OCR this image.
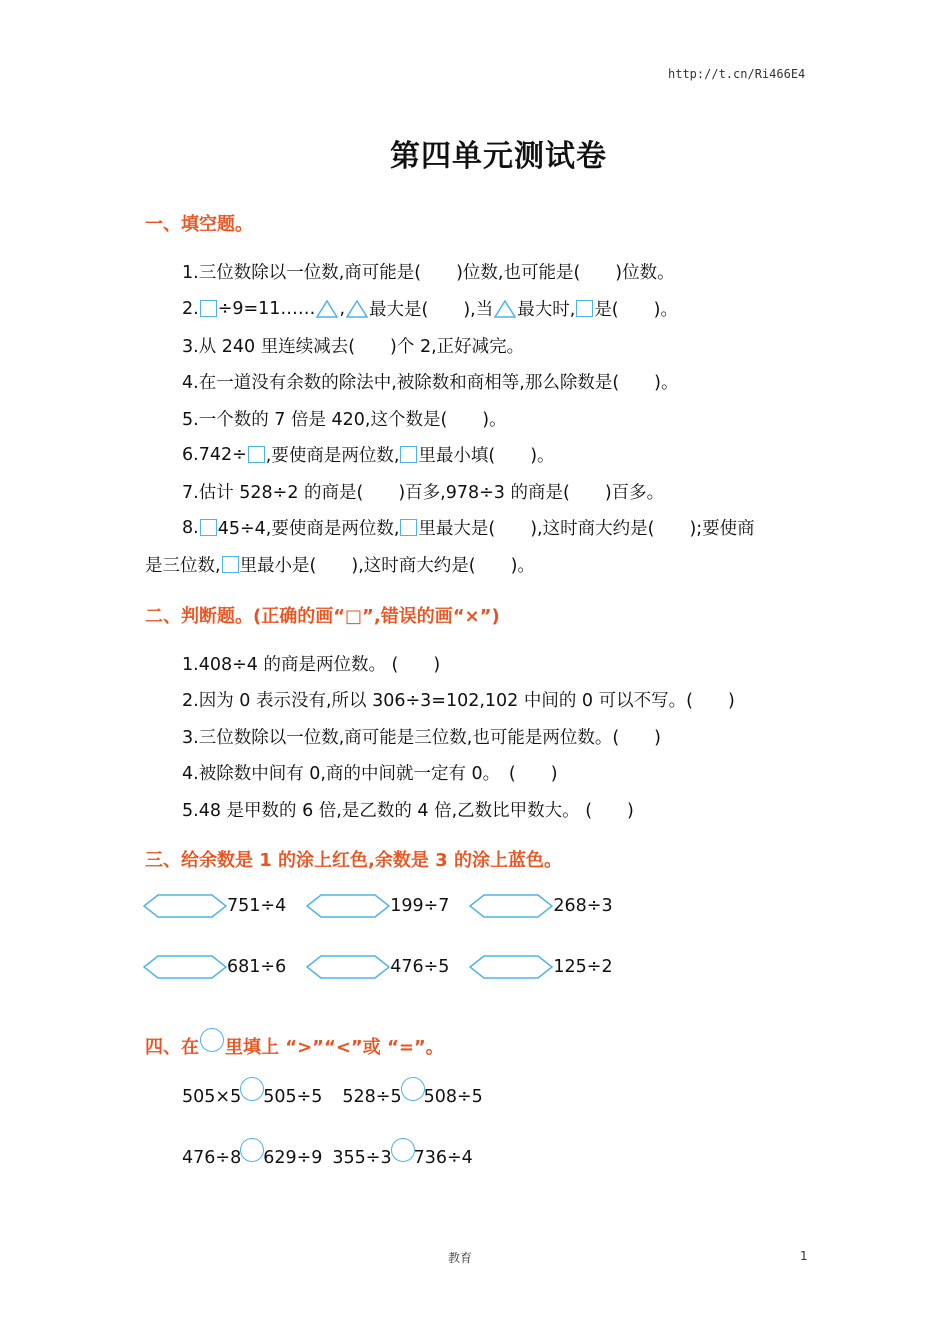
http://t.cn/Ri466E4
第四单元测试卷
一、填空题。
1.三位数除以一位数,商可能是(　　)位数,也可能是(　　)位数。
2. ÷9=11…… , 最大是(　　),当 最大时, 是(　　)。
3.从 240 里连续减去(　　)个 2,正好减完。
4.在一道没有余数的除法中,被除数和商相等,那么除数是(　　)。
5.一个数的 7 倍是 420,这个数是(　　)。
6.742÷ ,要使商是两位数, 里最小填(　　)。
7.估计 528÷2 的商是(　　)百多,978÷3 的商是(　　)百多。
8. 45÷4,要使商是两位数, 里最大是(　　),这时商大约是(　　);要使商
是三位数, 里最小是(　　),这时商大约是(　　)。
二、判断题。(正确的画“□”,错误的画“×”)
1.408÷4 的商是两位数。 (　　)
2.因为 0 表示没有,所以 306÷3=102,102 中间的 0 可以不写。(　　)
3.三位数除以一位数,商可能是三位数,也可能是两位数。(　　)
4.被除数中间有 0,商的中间就一定有 0。　(　　)
5.48 是甲数的 6 倍,是乙数的 4 倍,乙数比甲数大。 (　　)
三、给余数是 1 的涂上红色,余数是 3 的涂上蓝色。
751÷4	199÷7	268÷3
681÷6	476÷5	125÷2
四、在 里填上 “>”“<”或 “=”。
505×5 505÷5 528÷5 508÷5
476÷8 629÷9 355÷3 736÷4
教育	1
